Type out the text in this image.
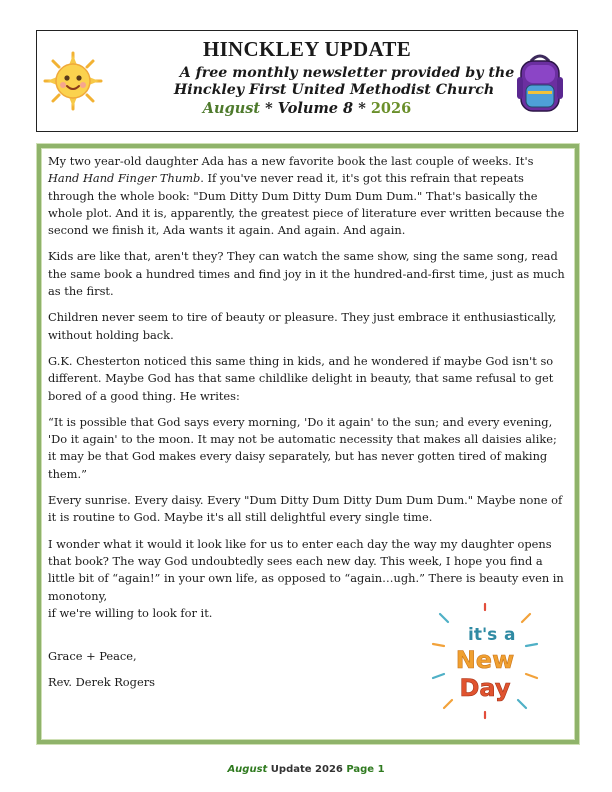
HINCKLEY UPDATE
A free monthly newsletter provided by the
Hinckley First United Methodist Church
August * Volume 8 * 2026

My two year-old daughter Ada has a new favorite book the last couple of weeks. It's Hand Hand Finger Thumb. If you've never read it, it's got this refrain that repeats through the whole book: "Dum Ditty Dum Ditty Dum Dum Dum." That's basically the whole plot. And it is, apparently, the greatest piece of literature ever written because the second we finish it, Ada wants it again. And again. And again.

Kids are like that, aren't they? They can watch the same show, sing the same song, read the same book a hundred times and find joy in it the hundred-and-first time, just as much as the first.

Children never seem to tire of beauty or pleasure. They just embrace it enthusiastically, without holding back.

G.K. Chesterton noticed this same thing in kids, and he wondered if maybe God isn't so different. Maybe God has that same childlike delight in beauty, that same refusal to get bored of a good thing. He writes:

“It is possible that God says every morning, 'Do it again' to the sun; and every evening,
'Do it again' to the moon. It may not be automatic necessity that makes all daisies alike;
it may be that God makes every daisy separately, but has never gotten tired of making them.”

Every sunrise. Every daisy. Every "Dum Ditty Dum Ditty Dum Dum Dum." Maybe none of it is routine to God. Maybe it's all still delightful every single time.

I wonder what it would it look like for us to enter each day the way my daughter opens that book? The way God undoubtedly sees each new day. This week, I hope you find a little bit of “again!” in your own life, as opposed to “again…ugh.” There is beauty even in monotony,
if we're willing to look for it.

Grace + Peace,

Rev. Derek Rogers

it's a
New
Day
August Update 2026 Page 1
